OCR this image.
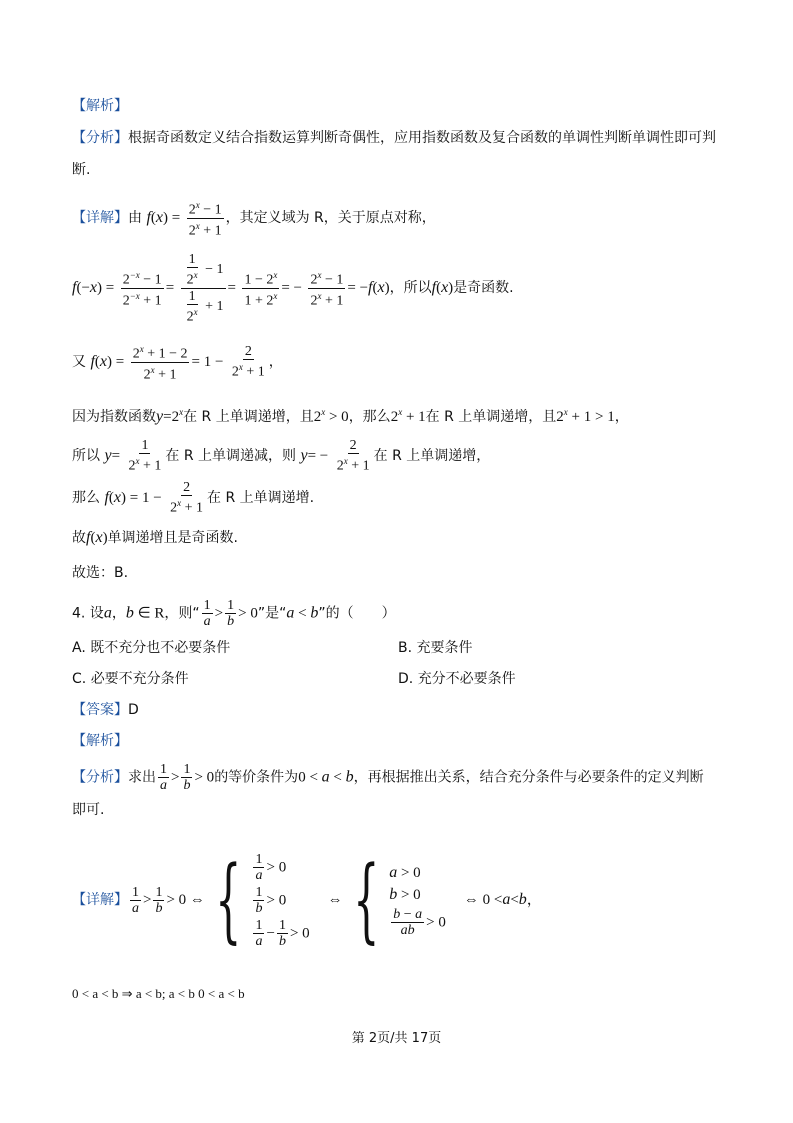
【解析】
【分析】根据奇函数定义结合指数运算判断奇偶性，应用指数函数及复合函数的单调性判断单调性即可判
断.
【详解】由 $f(x) = \frac{2^x - 1}{2^x + 1}$ ，其定义域为 R，关于原点对称，
$f(-x) = \frac{2^{-x} - 1}{2^{-x} + 1} = \frac{\frac{1}{2^x} - 1}{\frac{1}{2^x} + 1} = \frac{1 - 2^x}{1 + 2^x}$ = − $\frac{2^x - 1}{2^x + 1} = -f(x)$，所以f(x)是奇函数.
又 $f(x) = \frac{2^x + 1 - 2}{2^x + 1} = 1 - \frac{2}{2^x + 1}$ ，
因为指数函数$y=2^x$在 R 上单调递增，且$2^x > 0$，那么$2^x + 1$在 R 上单调递增，且$2^x + 1 > 1$，
所以 $y= \frac{1}{2^x + 1}$ 在 R 上单调递减，则 $y= - \frac{2}{2^x + 1}$ 在 R 上单调递增，
那么 $f(x) = 1 - \frac{2}{2^x + 1}$ 在 R 上单调递增.
故f(x)单调递增且是奇函数.
故选：B.
4. 设a，b ∈ R，则“ $\frac{1}{a} > \frac{1}{b} > 0$”是“a < b”的（　　）
A. 既不充分也不必要条件	B. 充要条件
C. 必要不充分条件	D. 充分不必要条件
【答案】D
【解析】
【分析】求出 $\frac{1}{a} > \frac{1}{b} > 0$的等价条件为0 < a < b，再根据推出关系，结合充分条件与必要条件的定义判断
即可.
【详解】 1
a > 1
b > 0 ⇔ { $\frac{1}{a} > 0$
$\frac{1}{b} > 0$
$\frac{1}{a} - \frac{1}{b} > 0$
⇔ { a > 0
b > 0
$\frac{b - a}{ab} > 0$
⇔ 0 < a < b ，
0 < a < b ⇒ a < b; a < b 0 < a < b
第 2页/共 17页
